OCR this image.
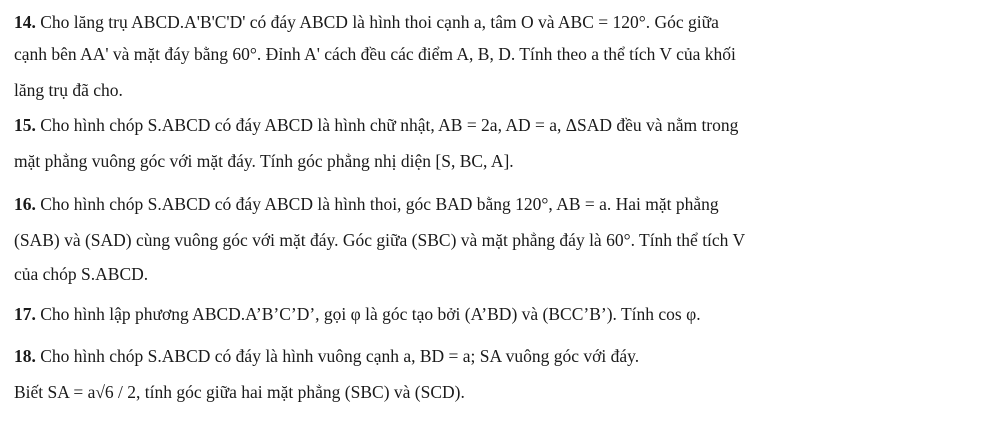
14. Cho lăng trụ ABCD.A'B'C'D' có đáy ABCD là hình thoi cạnh a, tâm O và ABC = 120°. Góc giữa
cạnh bên AA' và mặt đáy bằng 60°. Đỉnh A' cách đều các điểm A, B, D. Tính theo a thể tích V của khối
lăng trụ đã cho.
15. Cho hình chóp S.ABCD có đáy ABCD là hình chữ nhật, AB = 2a, AD = a, ΔSAD đều và nằm trong
mặt phẳng vuông góc với mặt đáy. Tính góc phẳng nhị diện [S, BC, A].
16. Cho hình chóp S.ABCD có đáy ABCD là hình thoi, góc BAD bằng 120°, AB = a. Hai mặt phẳng
(SAB) và (SAD) cùng vuông góc với mặt đáy. Góc giữa (SBC) và mặt phẳng đáy là 60°. Tính thể tích V
của chóp S.ABCD.
17. Cho hình lập phương ABCD.A’B’C’D’, gọi φ là góc tạo bởi (A’BD) và (BCC’B’). Tính cos φ.
18. Cho hình chóp S.ABCD có đáy là hình vuông cạnh a, BD = a; SA vuông góc với đáy.
Biết SA = a√6 / 2, tính góc giữa hai mặt phẳng (SBC) và (SCD).
